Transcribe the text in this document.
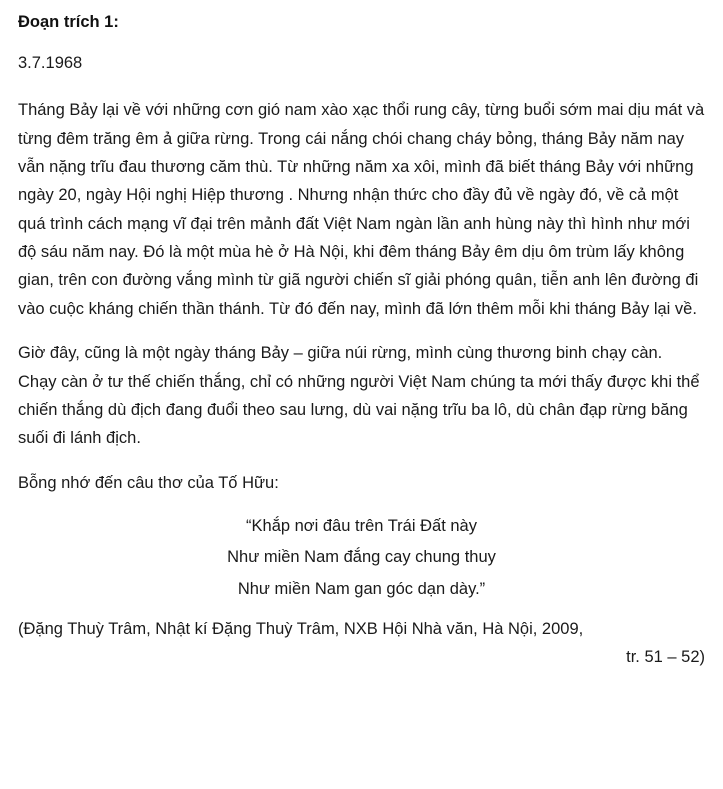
Đoạn trích 1:

3.7.1968

Tháng Bảy lại về với những cơn gió nam xào xạc thổi rung cây, từng buổi sớm mai dịu mát và từng đêm trăng êm ả giữa rừng. Trong cái nắng chói chang cháy bỏng, tháng Bảy năm nay vẫn nặng trĩu đau thương căm thù. Từ những năm xa xôi, mình đã biết tháng Bảy với những ngày 20, ngày Hội nghị Hiệp thương . Nhưng nhận thức cho đầy đủ về ngày đó, về cả một quá trình cách mạng vĩ đại trên mảnh đất Việt Nam ngàn lần anh hùng này thì hình như mới độ sáu năm nay. Đó là một mùa hè ở Hà Nội, khi đêm tháng Bảy êm dịu ôm trùm lấy không gian, trên con đường vắng mình từ giã người chiến sĩ giải phóng quân, tiễn anh lên đường đi vào cuộc kháng chiến thần thánh. Từ đó đến nay, mình đã lớn thêm mỗi khi tháng Bảy lại về.

Giờ đây, cũng là một ngày tháng Bảy – giữa núi rừng, mình cùng thương binh chạy càn. Chạy càn ở tư thế chiến thắng, chỉ có những người Việt Nam chúng ta mới thấy được khi thể chiến thắng dù địch đang đuổi theo sau lưng, dù vai nặng trĩu ba lô, dù chân đạp rừng băng suối đi lánh địch.

Bỗng nhớ đến câu thơ của Tố Hữu:

“Khắp nơi đâu trên Trái Đất này
Như miền Nam đắng cay chung thuy
Như miền Nam gan góc dạn dày.”
(Đặng Thuỳ Trâm, Nhật kí Đặng Thuỳ Trâm, NXB Hội Nhà văn, Hà Nội, 2009,
tr. 51 – 52)
